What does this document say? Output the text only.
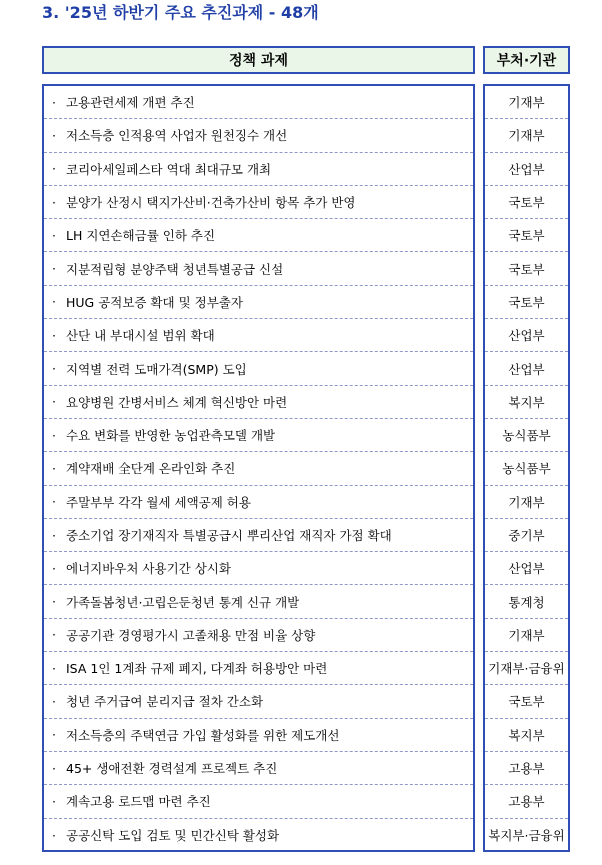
3. '25년 하반기 주요 추진과제 - 48개
정책 과제	부처·기관
· 고용관련세제 개편 추진
· 저소득층 인적용역 사업자 원천징수 개선
· 코리아세일페스타 역대 최대규모 개최
· 분양가 산정시 택지가산비·건축가산비 항목 추가 반영
· LH 지연손해금률 인하 추진
· 지분적립형 분양주택 청년특별공급 신설
· HUG 공적보증 확대 및 정부출자
· 산단 내 부대시설 범위 확대
· 지역별 전력 도매가격(SMP) 도입
· 요양병원 간병서비스 체계 혁신방안 마련
· 수요 변화를 반영한 농업관측모델 개발
· 계약재배 全단계 온라인화 추진
· 주말부부 각각 월세 세액공제 허용
· 중소기업 장기재직자 특별공급시 뿌리산업 재직자 가점 확대
· 에너지바우처 사용기간 상시화
· 가족돌봄청년·고립은둔청년 통계 신규 개발
· 공공기관 경영평가시 고졸채용 만점 비율 상향
· ISA 1인 1계좌 규제 폐지, 다계좌 허용방안 마련
· 청년 주거급여 분리지급 절차 간소화
· 저소득층의 주택연금 가입 활성화를 위한 제도개선
· 45+ 생애전환 경력설계 프로젝트 추진
· 계속고용 로드맵 마련 추진
· 공공신탁 도입 검토 및 민간신탁 활성화
기재부
기재부
산업부
국토부
국토부
국토부
국토부
산업부
산업부
복지부
농식품부
농식품부
기재부
중기부
산업부
통계청
기재부
기재부·금융위
국토부
복지부
고용부
고용부
복지부·금융위
